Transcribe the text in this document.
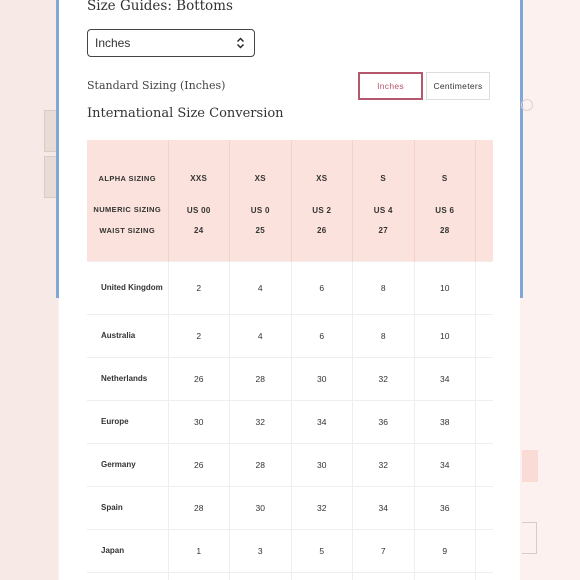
Size Guides: Bottoms
Inches
Standard Sizing (Inches)	Inches	Centimeters
International Size Conversion
ALPHA SIZING	XXS	XS	XS	S	S	
NUMERIC SIZING	US 00	US 0	US 2	US 4	US 6	
WAIST SIZING	24	25	26	27	28	
United Kingdom	2	4	6	8	10	
Australia	2	4	6	8	10	
Netherlands	26	28	30	32	34	
Europe	30	32	34	36	38	
Germany	26	28	30	32	34	
Spain	28	30	32	34	36	
Japan	1	3	5	7	9	
